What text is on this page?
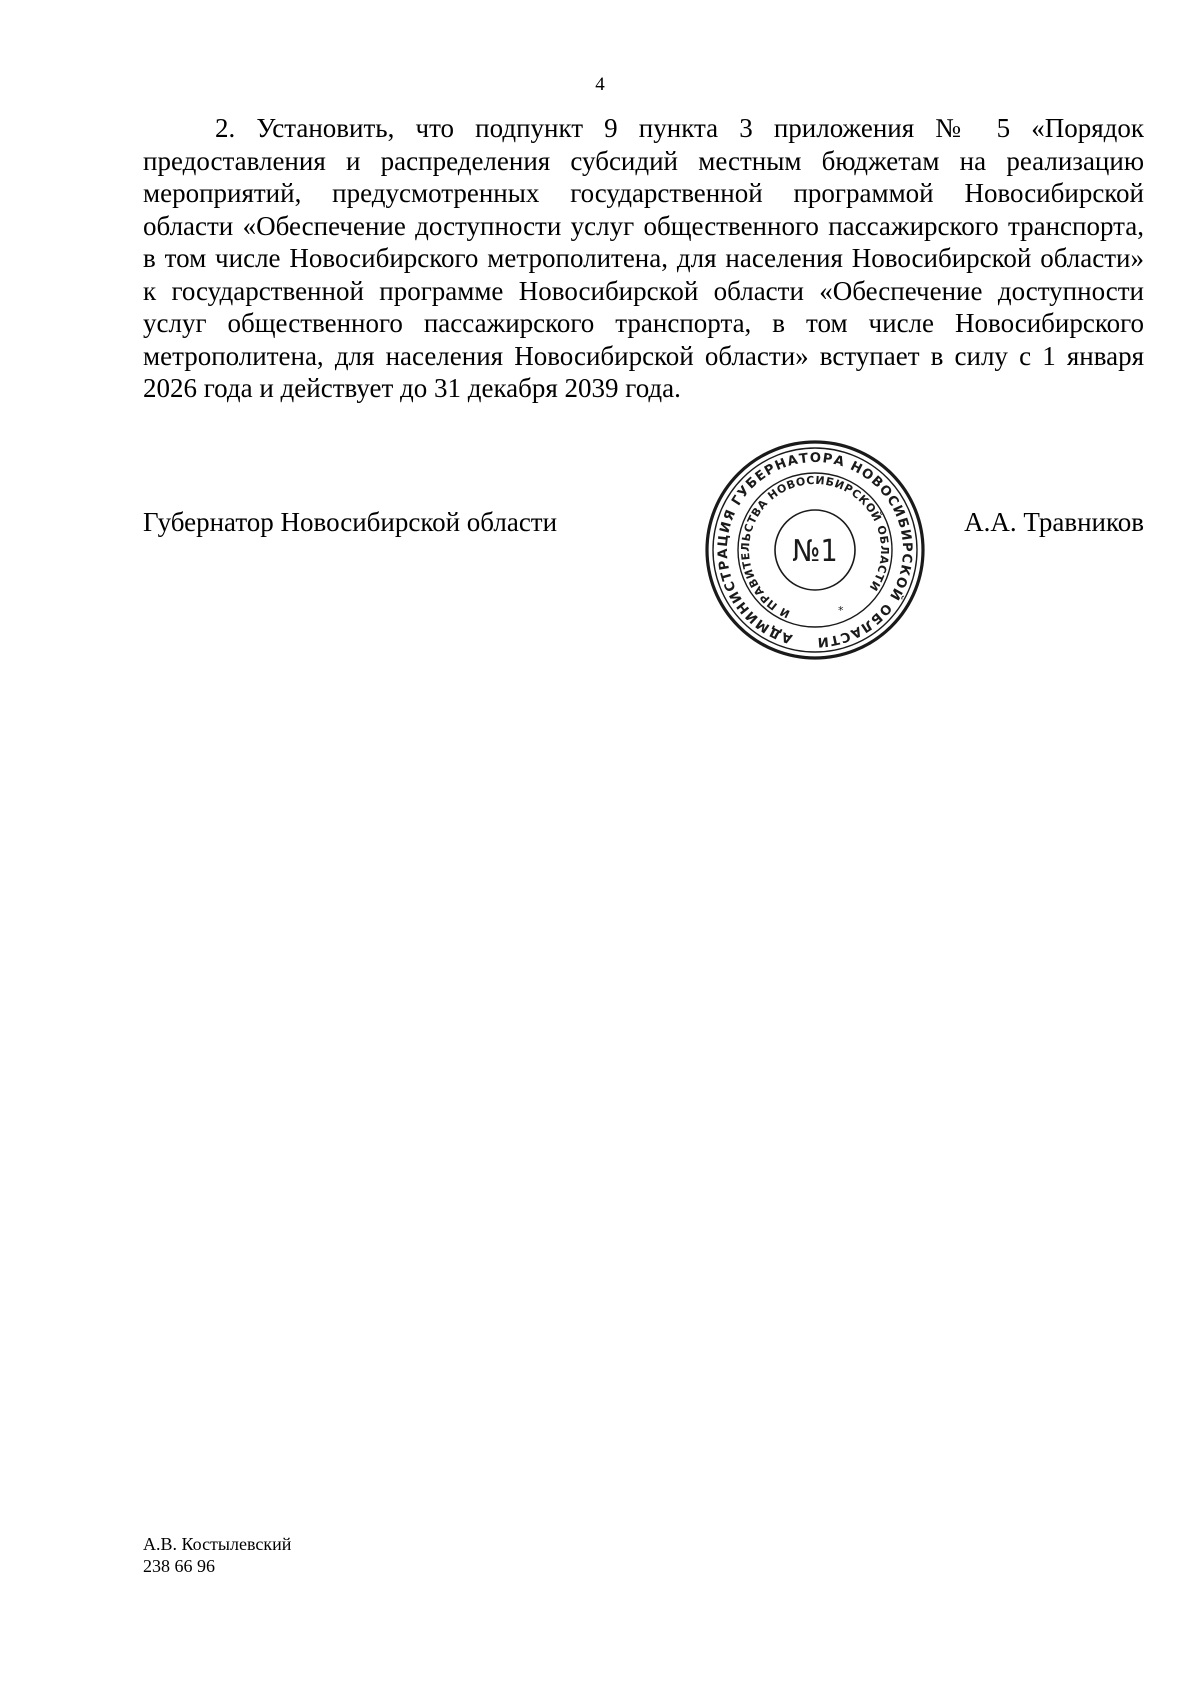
4

2. Установить, что подпункт 9 пункта 3 приложения № 5 «Порядок предоставления и распределения субсидий местным бюджетам на реализацию мероприятий, предусмотренных государственной программой Новосибирской области «Обеспечение доступности услуг общественного пассажирского транспорта, в том числе Новосибирского метрополитена, для населения Новосибирской области» к государственной программе Новосибирской области «Обеспечение доступности услуг общественного пассажирского транспорта, в том числе Новосибирского метрополитена, для населения Новосибирской области» вступает в силу с 1 января 2026 года и действует до 31 декабря 2039 года.

Губернатор Новосибирской области
АДМИНИСТРАЦИЯ ГУБЕРНАТОРА НОВОСИБИРСКОЙ ОБЛАСТИ
И ПРАВИТЕЛЬСТВА НОВОСИБИРСКОЙ ОБЛАСТИ
№1
*
А.А. Травников
А.В. Костылевский
238 66 96
